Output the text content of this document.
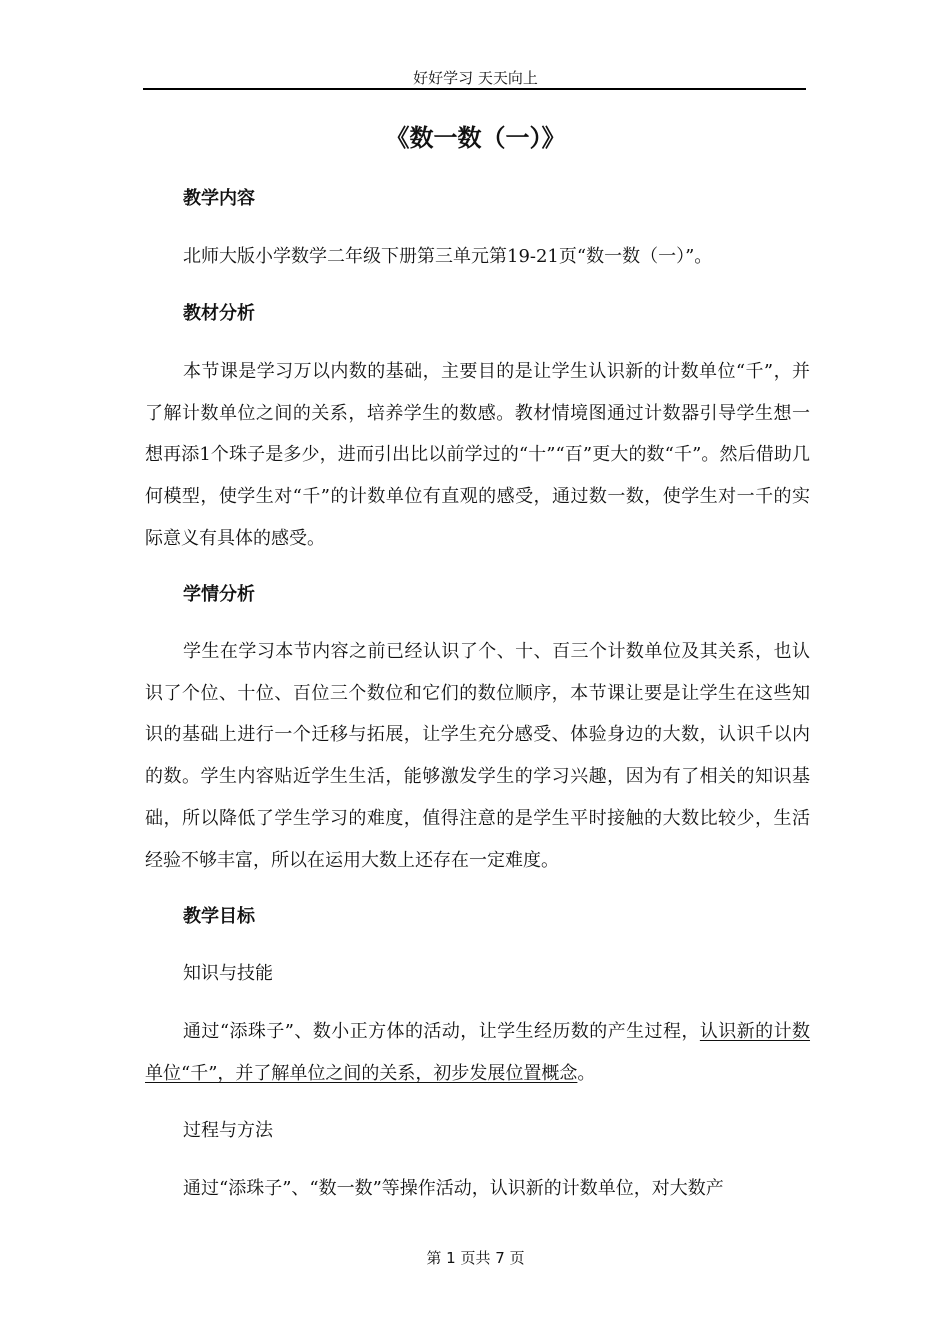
好好学习 天天向上
《数一数（一）》
教学内容

北师大版小学数学二年级下册第三单元第19-21页“数一数（一）”。

教材分析

本节课是学习万以内数的基础，主要目的是让学生认识新的计数单位“千”，并了解计数单位之间的关系，培养学生的数感。教材情境图通过计数器引导学生想一想再添1个珠子是多少，进而引出比以前学过的“十”“百”更大的数“千”。然后借助几何模型，使学生对“千”的计数单位有直观的感受，通过数一数，使学生对一千的实际意义有具体的感受。

学情分析

学生在学习本节内容之前已经认识了个、十、百三个计数单位及其关系，也认识了个位、十位、百位三个数位和它们的数位顺序，本节课让要是让学生在这些知识的基础上进行一个迁移与拓展，让学生充分感受、体验身边的大数，认识千以内的数。学生内容贴近学生生活，能够激发学生的学习兴趣，因为有了相关的知识基础，所以降低了学生学习的难度，值得注意的是学生平时接触的大数比较少，生活经验不够丰富，所以在运用大数上还存在一定难度。

教学目标
知识与技能

通过“添珠子”、数小正方体的活动，让学生经历数的产生过程，认识新的计数单位“千”，并了解单位之间的关系，初步发展位置概念。

过程与方法

通过“添珠子”、“数一数”等操作活动，认识新的计数单位，对大数产

第 1 页共 7 页
